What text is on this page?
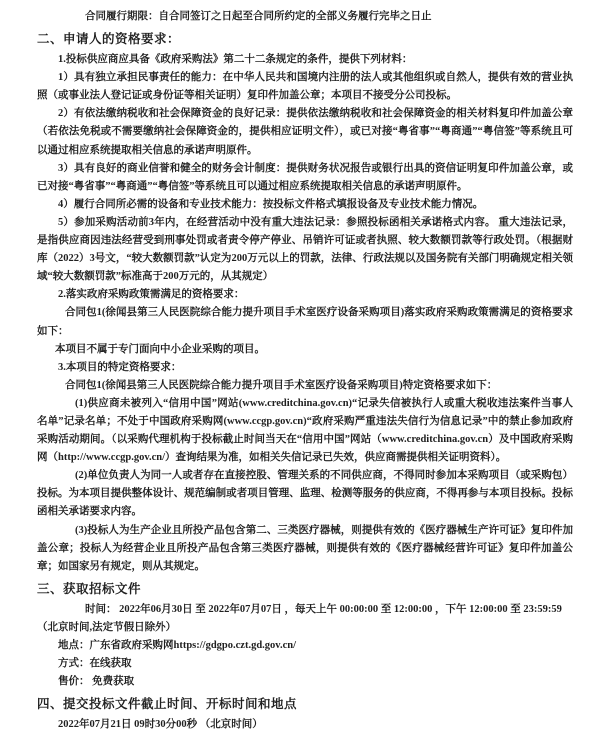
合同履行期限：自合同签订之日起至合同所约定的全部义务履行完毕之日止

二、申请人的资格要求：

1.投标供应商应具备《政府采购法》第二十二条规定的条件，提供下列材料：

1）具有独立承担民事责任的能力：在中华人民共和国境内注册的法人或其他组织或自然人，提供有效的营业执照（或事业法人登记证或身份证等相关证明）复印件加盖公章；本项目不接受分公司投标。

2）有依法缴纳税收和社会保障资金的良好记录：提供依法缴纳税收和社会保障资金的相关材料复印件加盖公章（若依法免税或不需要缴纳社会保障资金的，提供相应证明文件），或已对接“粤省事”“粤商通”“粤信签”等系统且可以通过相应系统提取相关信息的承诺声明原件。

3）具有良好的商业信誉和健全的财务会计制度：提供财务状况报告或银行出具的资信证明复印件加盖公章，或已对接“粤省事”“粤商通”“粤信签”等系统且可以通过相应系统提取相关信息的承诺声明原件。

4）履行合同所必需的设备和专业技术能力：按投标文件格式填报设备及专业技术能力情况。

5）参加采购活动前3年内，在经营活动中没有重大违法记录：参照投标函相关承诺格式内容。 重大违法记录，是指供应商因违法经营受到刑事处罚或者责令停产停业、吊销许可证或者执照、较大数额罚款等行政处罚。（根据财库（2022）3号文，“较大数额罚款”认定为200万元以上的罚款，法律、行政法规以及国务院有关部门明确规定相关领域“较大数额罚款”标准高于200万元的，从其规定）

2.落实政府采购政策需满足的资格要求：

合同包1(徐闻县第三人民医院综合能力提升项目手术室医疗设备采购项目)落实政府采购政策需满足的资格要求如下：

本项目不属于专门面向中小企业采购的项目。

3.本项目的特定资格要求：

合同包1(徐闻县第三人民医院综合能力提升项目手术室医疗设备采购项目)特定资格要求如下：

(1)供应商未被列入“信用中国”网站(www.creditchina.gov.cn)“记录失信被执行人或重大税收违法案件当事人名单”记录名单；不处于中国政府采购网(www.ccgp.gov.cn)“政府采购严重违法失信行为信息记录”中的禁止参加政府采购活动期间。（以采购代理机构于投标截止时间当天在“信用中国”网站（www.creditchina.gov.cn）及中国政府采购网（http://www.ccgp.gov.cn/）查询结果为准，如相关失信记录已失效，供应商需提供相关证明资料）。

(2)单位负责人为同一人或者存在直接控股、管理关系的不同供应商，不得同时参加本采购项目（或采购包）投标。为本项目提供整体设计、规范编制或者项目管理、监理、检测等服务的供应商，不得再参与本项目投标。投标函相关承诺要求内容。

(3)投标人为生产企业且所投产品包含第二、三类医疗器械，则提供有效的《医疗器械生产许可证》复印件加盖公章；投标人为经营企业且所投产品包含第三类医疗器械，则提供有效的《医疗器械经营许可证》复印件加盖公章；如国家另有规定，则从其规定。

三、获取招标文件

时间： 2022年06月30日 至 2022年07月07日 ，每天上午 00:00:00 至 12:00:00 ，下午 12:00:00 至 23:59:59

（北京时间,法定节假日除外）

地点：广东省政府采购网https://gdgpo.czt.gd.gov.cn/

方式：在线获取

售价： 免费获取

四、提交投标文件截止时间、开标时间和地点

2022年07月21日 09时30分00秒 （北京时间）
